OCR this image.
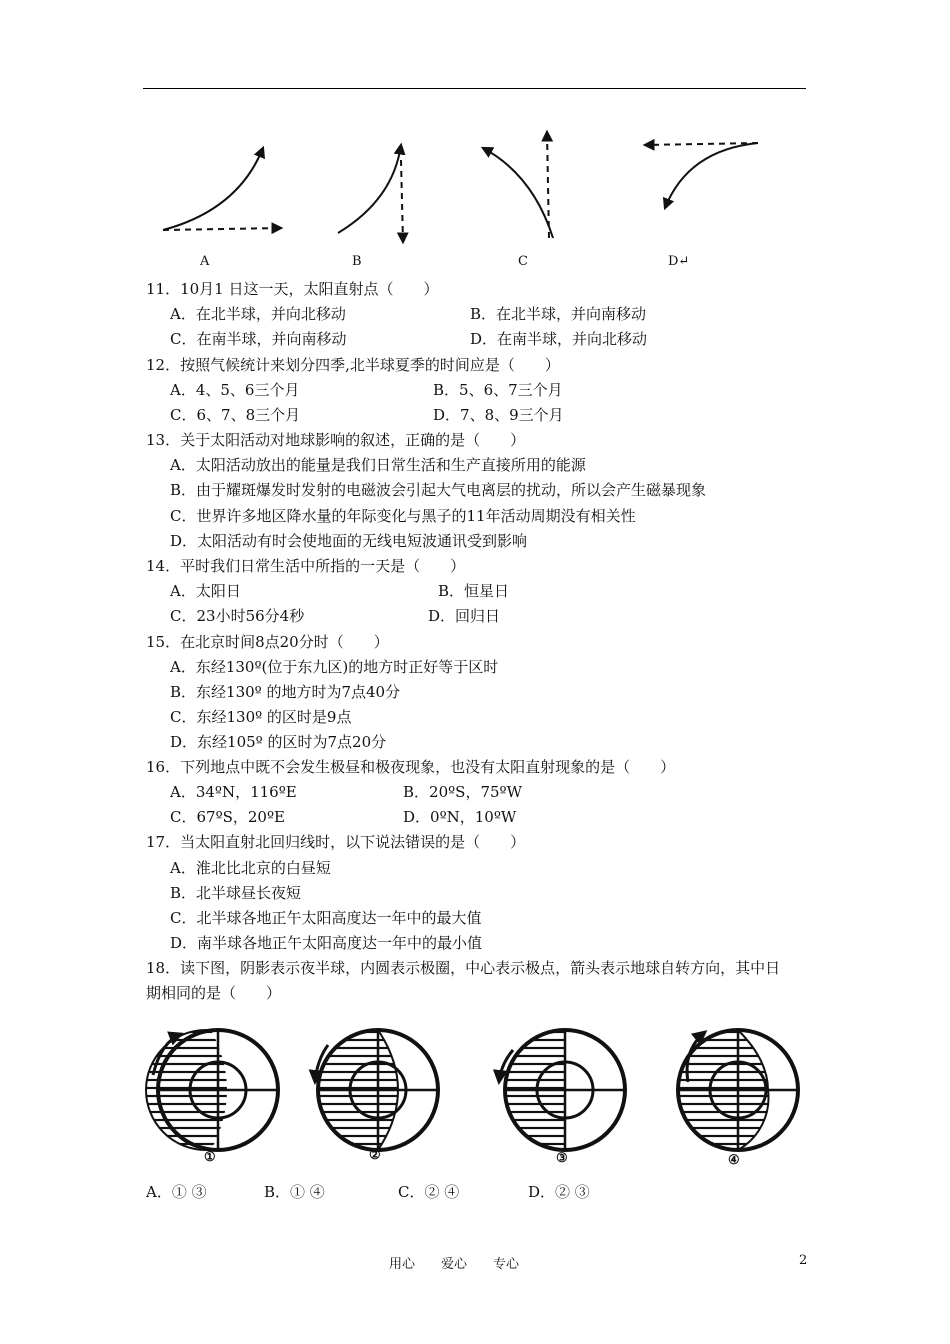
A	B	C	D↵
11．10月1 日这一天，太阳直射点（　　）
A．在北半球，并向北移动	B．在北半球，并向南移动
C．在南半球，并向南移动	D．在南半球，并向北移动
12．按照气候统计来划分四季,北半球夏季的时间应是（　　）
A．4、5、6三个月	B．5、6、7三个月
C．6、7、8三个月	D．7、8、9三个月
13．关于太阳活动对地球影响的叙述，正确的是（　　）
A．太阳活动放出的能量是我们日常生活和生产直接所用的能源
B．由于耀斑爆发时发射的电磁波会引起大气电离层的扰动，所以会产生磁暴现象
C．世界许多地区降水量的年际变化与黑子的11年活动周期没有相关性
D．太阳活动有时会使地面的无线电短波通讯受到影响
14．平时我们日常生活中所指的一天是（　　）
A．太阳日	B．恒星日
C．23小时56分4秒	D．回归日
15．在北京时间8点20分时（　　）
A．东经130º(位于东九区)的地方时正好等于区时
B．东经130º 的地方时为7点40分
C．东经130º 的区时是9点
D．东经105º 的区时为7点20分
16．下列地点中既不会发生极昼和极夜现象，也没有太阳直射现象的是（　　）
A．34ºN，116ºE	B．20ºS，75ºW
C．67ºS，20ºE	D．0ºN，10ºW
17．当太阳直射北回归线时，以下说法错误的是（　　）
A．淮北比北京的白昼短
B．北半球昼长夜短
C．北半球各地正午太阳高度达一年中的最大值
D．南半球各地正午太阳高度达一年中的最小值
18．读下图，阴影表示夜半球，内圆表示极圈，中心表示极点，箭头表示地球自转方向，其中日
期相同的是（　　）
①	②	③	④
A．① ③	B．① ④	C．② ④	D．② ③
用心　　爱心　　专心	2
